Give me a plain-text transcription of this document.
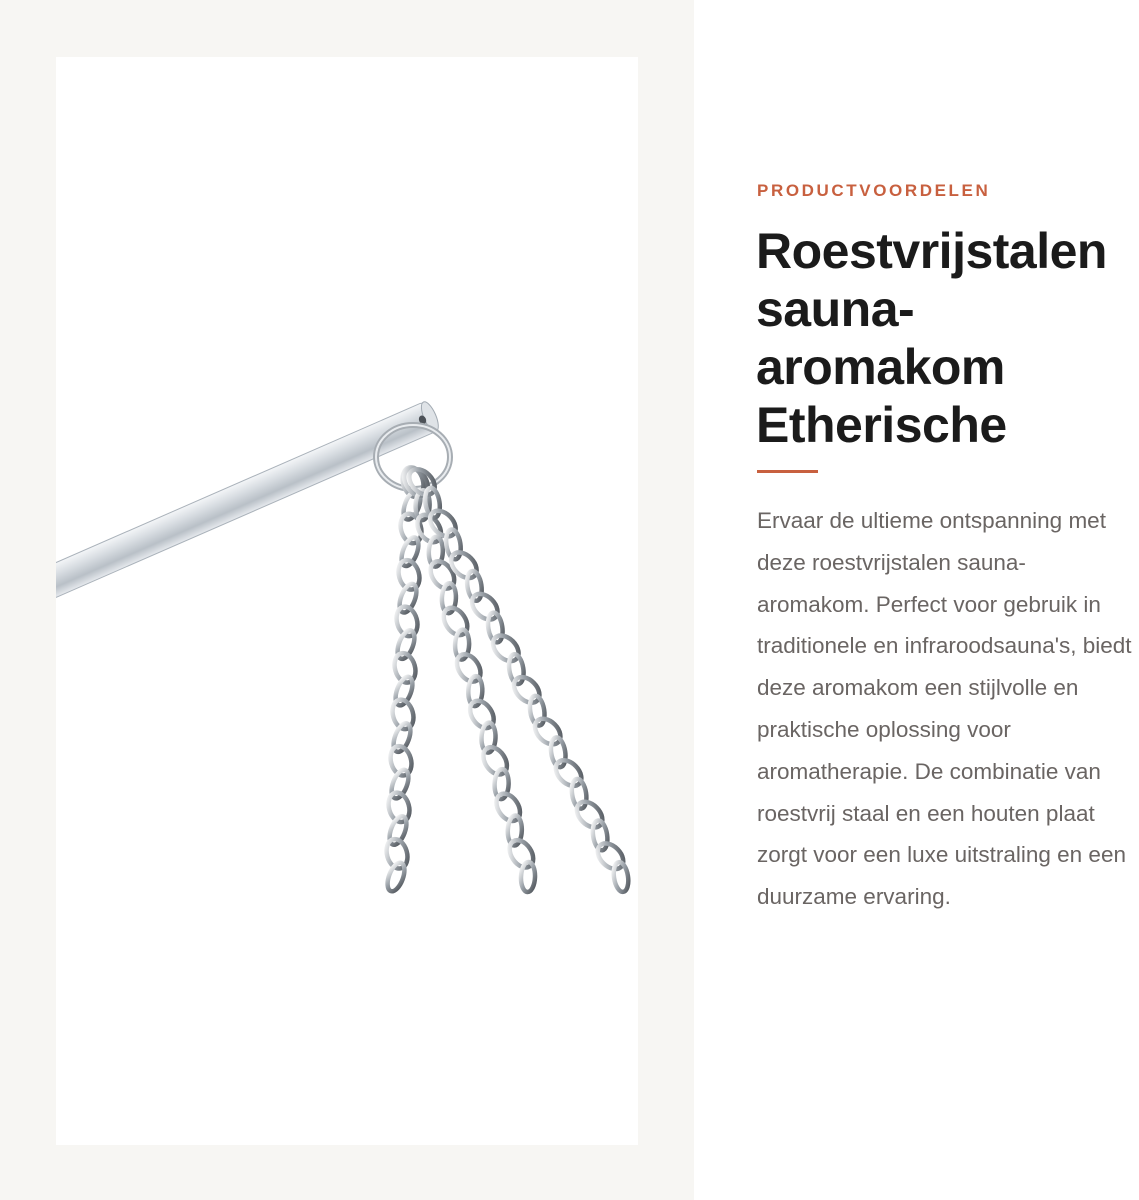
PRODUCTVOORDELEN
Roestvrijstalen sauna-aromakom Etherische

Ervaar de ultieme ontspanning met deze roestvrijstalen sauna-aromakom. Perfect voor gebruik in traditionele en infraroodsauna's, biedt deze aromakom een stijlvolle en praktische oplossing voor aromatherapie. De combinatie van roestvrij staal en een houten plaat zorgt voor een luxe uitstraling en een duurzame ervaring.
